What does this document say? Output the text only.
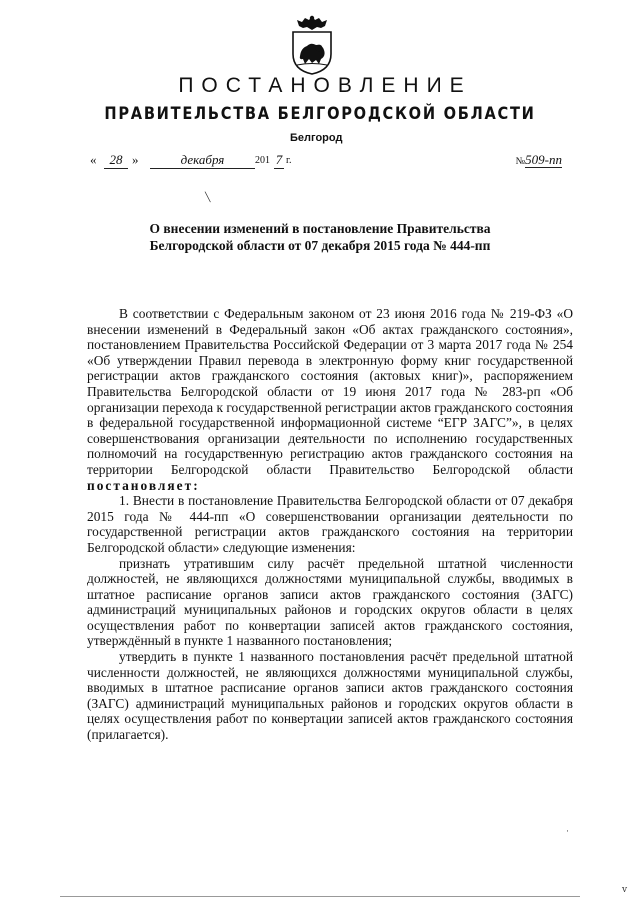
ПОСТАНОВЛЕНИЕ
ПРАВИТЕЛЬСТВА БЕЛГОРОДСКОЙ ОБЛАСТИ
Белгород
«	28 »	декабря	201 7 г.	№509-пп
╲
О внесении изменений в постановление Правительства
Белгородской области от 07 декабря 2015 года № 444-пп

В соответствии с Федеральным законом от 23 июня 2016 года № 219-ФЗ «О внесении изменений в Федеральный закон «Об актах гражданского состояния», постановлением Правительства Российской Федерации от 3 марта 2017 года № 254 «Об утверждении Правил перевода в электронную форму книг государственной регистрации актов гражданского состояния (актовых книг)», распоряжением Правительства Белгородской области от 19 июня 2017 года № 283-рп «Об организации перехода к государственной регистрации актов гражданского состояния в федеральной государственной информационной системе “ЕГР ЗАГС”», в целях совершенствования организации деятельности по исполнению государственных полномочий на государственную регистрацию актов гражданского состояния на территории Белгородской области Правительство Белгородской области постановляет:

1. Внести в постановление Правительства Белгородской области от 07 декабря 2015 года № 444-пп «О совершенствовании организации деятельности по государственной регистрации актов гражданского состояния на территории Белгородской области» следующие изменения:

признать утратившим силу расчёт предельной штатной численности должностей, не являющихся должностями муниципальной службы, вводимых в штатное расписание органов записи актов гражданского состояния (ЗАГС) администраций муниципальных районов и городских округов области в целях осуществления работ по конвертации записей актов гражданского состояния, утверждённый в пункте 1 названного постановления;

утвердить в пункте 1 названного постановления расчёт предельной штатной численности должностей, не являющихся должностями муниципальной службы, вводимых в штатное расписание органов записи актов гражданского состояния (ЗАГС) администраций муниципальных районов и городских округов области в целях осуществления работ по конвертации записей актов гражданского состояния (прилагается).

·
ⅴ
